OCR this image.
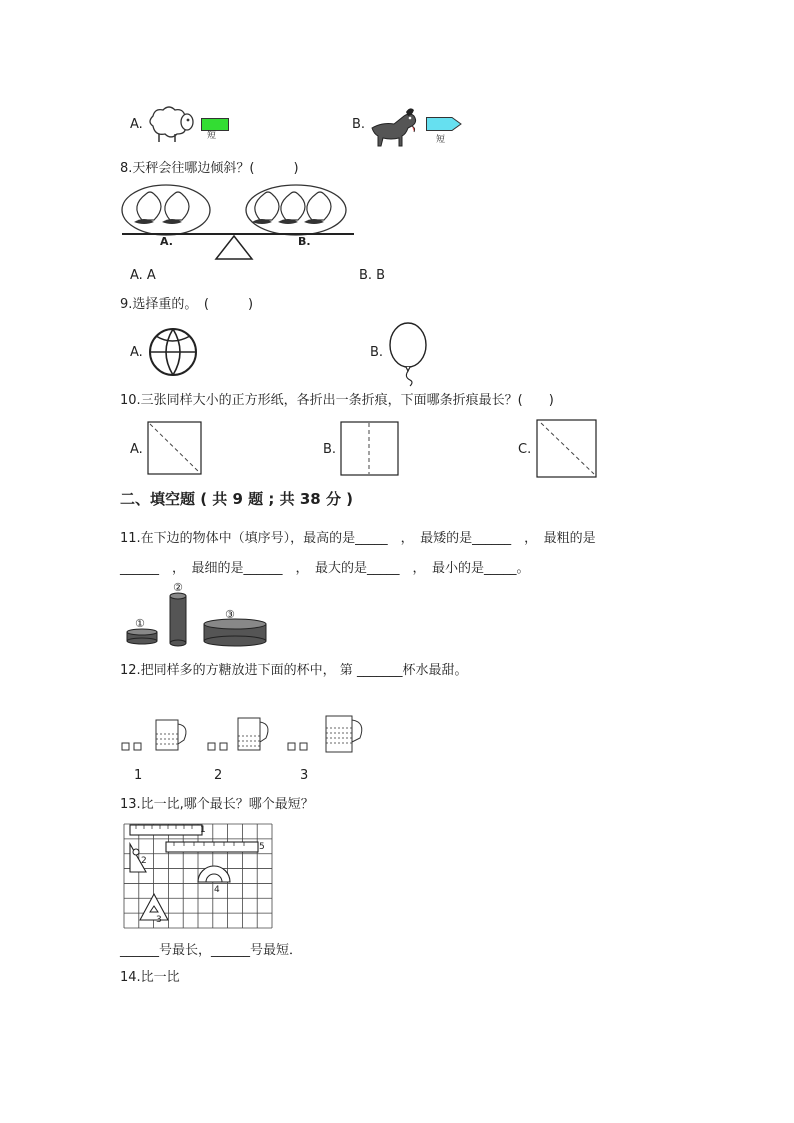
A.
短
B.
短
8.天秤会往哪边倾斜？(　　　)
A.	B.
A. A	B. B
9.选择重的。　(　　　)
A.	B.
10.三张同样大小的正方形纸，各折出一条折痕，下面哪条折痕最长？(　　)
A.	B.	C.
二、填空题 ( 共 9 题 ; 共 38 分 )
11.在下边的物体中（填序号），最高的是_____　，　最矮的是______　，　最粗的是
______　，　最细的是______　，　最大的是_____　，　最小的是_____。
①
②
③
12.把同样多的方糖放进下面的杯中， 第 _______杯水最甜。
1	2	3
13.比一比,哪个最长？哪个最短？
1
2
3
4
5
______号最长，______号最短．
14.比一比
